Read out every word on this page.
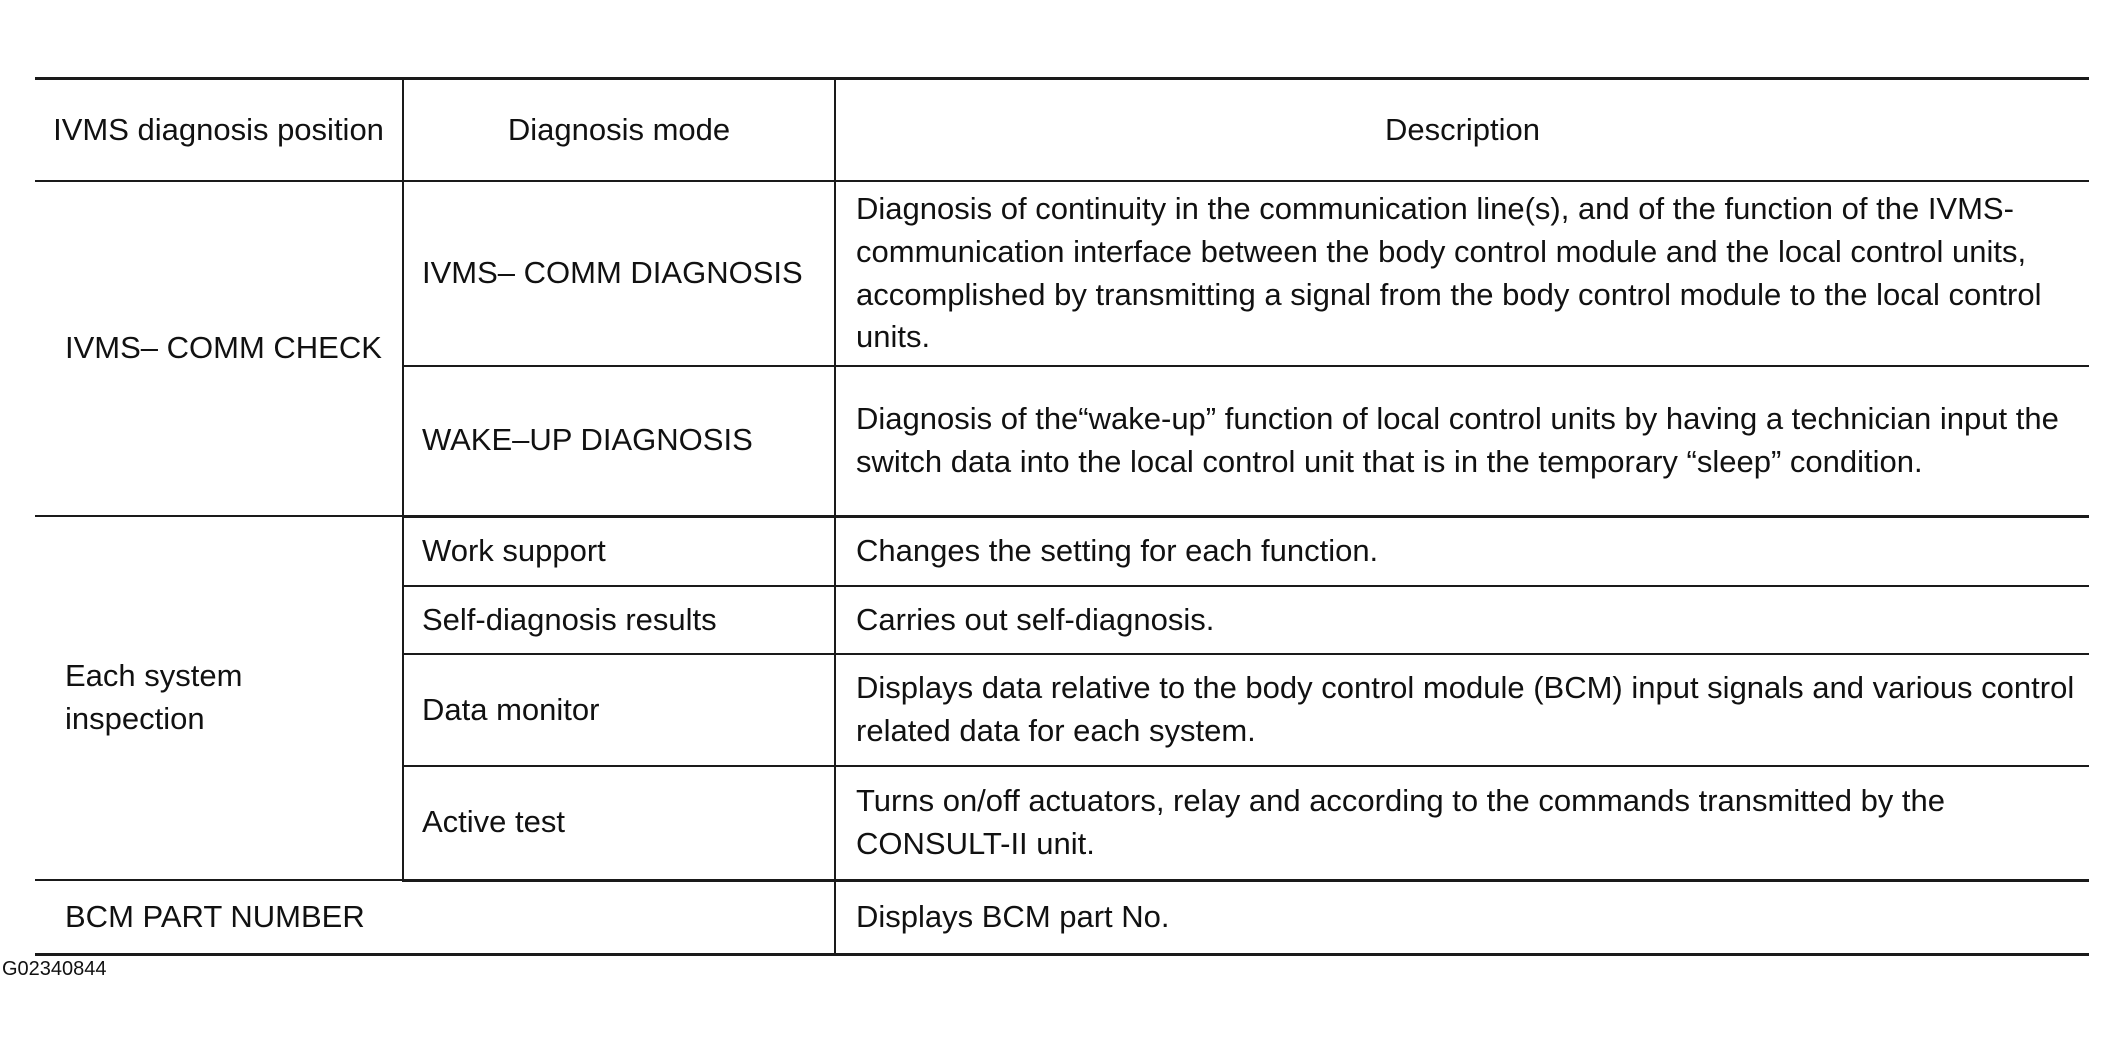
IVMS diagnosis position	Diagnosis mode	Description
IVMS– COMM CHECK	IVMS– COMM DIAGNOSIS	Diagnosis of continuity in the communication line(s), and of the function of the IVMS-communication interface between the body control module and the local control units, accomplished by transmitting a signal from the body control module to the local control units.
	WAKE–UP DIAGNOSIS	Diagnosis of the“wake-up” function of local control units by having a technician input the switch data into the local control unit that is in the temporary “sleep” condition.
Each system inspection	Work support	Changes the setting for each function.
	Self-diagnosis results	Carries out self-diagnosis.
	Data monitor	Displays data relative to the body control module (BCM) input signals and various control related data for each system.
	Active test	Turns on/off actuators, relay and according to the commands transmitted by the CONSULT-II unit.
BCM PART NUMBER		Displays BCM part No.
G02340844
